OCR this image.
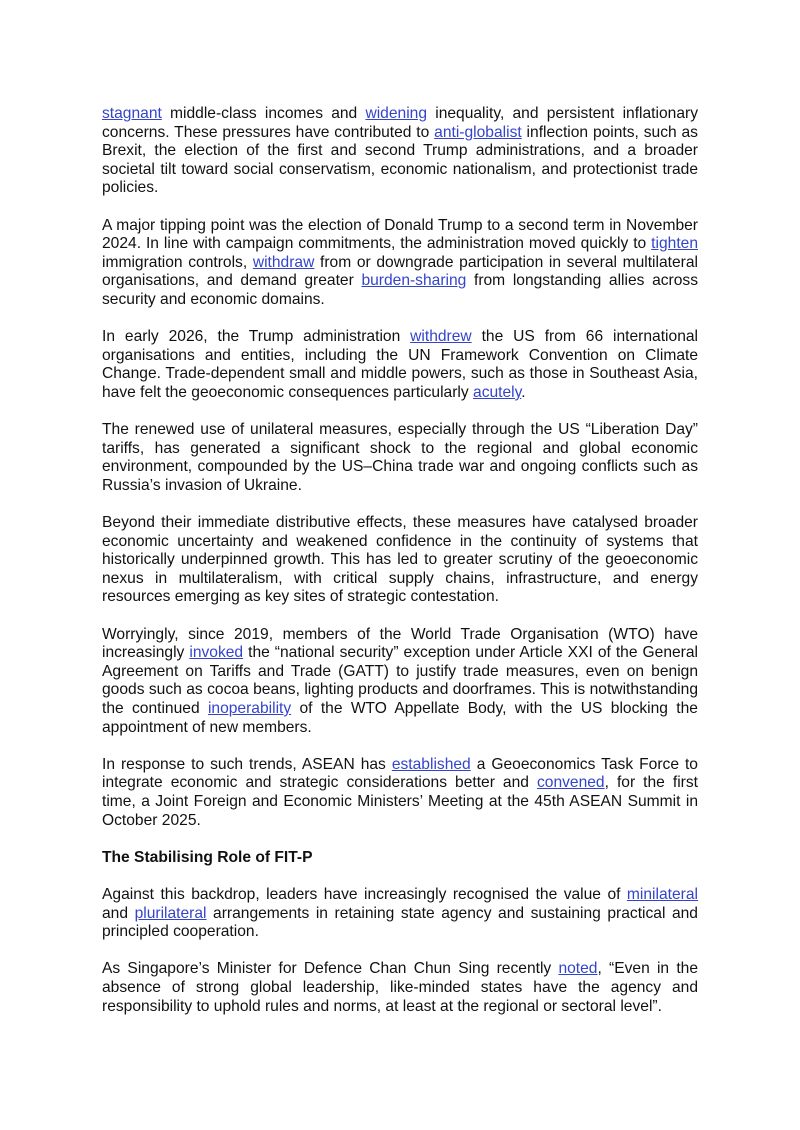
stagnant middle-class incomes and widening inequality, and persistent inflationary concerns. These pressures have contributed to anti-globalist inflection points, such as Brexit, the election of the first and second Trump administrations, and a broader societal tilt toward social conservatism, economic nationalism, and protectionist trade policies.

A major tipping point was the election of Donald Trump to a second term in November 2024. In line with campaign commitments, the administration moved quickly to tighten immigration controls, withdraw from or downgrade participation in several multilateral organisations, and demand greater burden-sharing from longstanding allies across security and economic domains.

In early 2026, the Trump administration withdrew the US from 66 international organisations and entities, including the UN Framework Convention on Climate Change. Trade-dependent small and middle powers, such as those in Southeast Asia, have felt the geoeconomic consequences particularly acutely.

The renewed use of unilateral measures, especially through the US “Liberation Day” tariffs, has generated a significant shock to the regional and global economic environment, compounded by the US–China trade war and ongoing conflicts such as Russia’s invasion of Ukraine.

Beyond their immediate distributive effects, these measures have catalysed broader economic uncertainty and weakened confidence in the continuity of systems that historically underpinned growth. This has led to greater scrutiny of the geoeconomic nexus in multilateralism, with critical supply chains, infrastructure, and energy resources emerging as key sites of strategic contestation.

Worryingly, since 2019, members of the World Trade Organisation (WTO) have increasingly invoked the “national security” exception under Article XXI of the General Agreement on Tariffs and Trade (GATT) to justify trade measures, even on benign goods such as cocoa beans, lighting products and doorframes. This is notwithstanding the continued inoperability of the WTO Appellate Body, with the US blocking the appointment of new members.

In response to such trends, ASEAN has established a Geoeconomics Task Force to integrate economic and strategic considerations better and convened, for the first time, a Joint Foreign and Economic Ministers’ Meeting at the 45th ASEAN Summit in October 2025.

The Stabilising Role of FIT-P

Against this backdrop, leaders have increasingly recognised the value of minilateral and plurilateral arrangements in retaining state agency and sustaining practical and principled cooperation.

As Singapore’s Minister for Defence Chan Chun Sing recently noted, “Even in the absence of strong global leadership, like-minded states have the agency and responsibility to uphold rules and norms, at least at the regional or sectoral level”.
